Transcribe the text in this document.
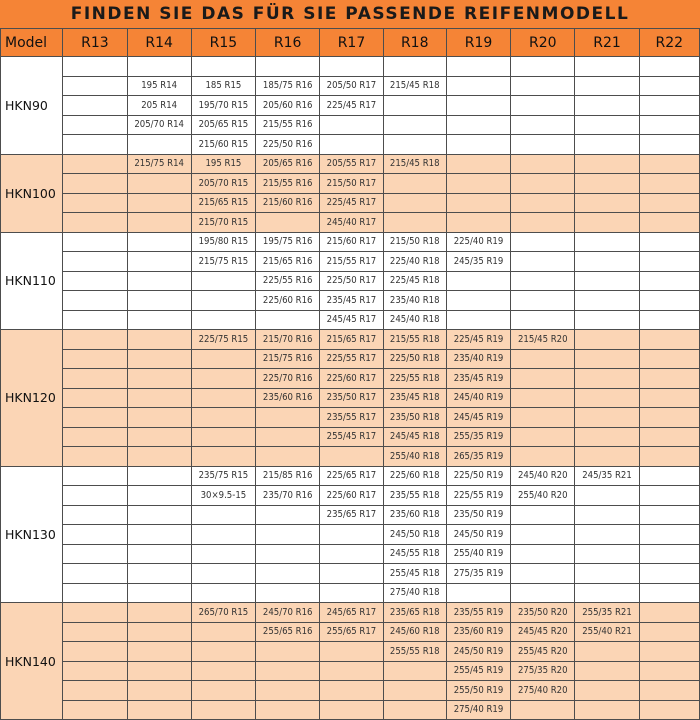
FINDEN SIE DAS FÜR SIE PASSENDE REIFENMODELL
Model	R13	R14	R15	R16	R17	R18	R19	R20	R21	R22
HKN90										
		195 R14	185 R15	185/75 R16	205/50 R17	215/45 R18				
		205 R14	195/70 R15	205/60 R16	225/45 R17					
		205/70 R14	205/65 R15	215/55 R16						
			215/60 R15	225/50 R16						
HKN100		215/75 R14	195 R15	205/65 R16	205/55 R17	215/45 R18				
			205/70 R15	215/55 R16	215/50 R17					
			215/65 R15	215/60 R16	225/45 R17					
			215/70 R15		245/40 R17					
HKN110			195/80 R15	195/75 R16	215/60 R17	215/50 R18	225/40 R19			
			215/75 R15	215/65 R16	215/55 R17	225/40 R18	245/35 R19			
				225/55 R16	225/50 R17	225/45 R18				
				225/60 R16	235/45 R17	235/40 R18				
					245/45 R17	245/40 R18				
HKN120			225/75 R15	215/70 R16	215/65 R17	215/55 R18	225/45 R19	215/45 R20		
				215/75 R16	225/55 R17	225/50 R18	235/40 R19			
				225/70 R16	225/60 R17	225/55 R18	235/45 R19			
				235/60 R16	235/50 R17	235/45 R18	245/40 R19			
					235/55 R17	235/50 R18	245/45 R19			
					255/45 R17	245/45 R18	255/35 R19			
						255/40 R18	265/35 R19			
HKN130			235/75 R15	215/85 R16	225/65 R17	225/60 R18	225/50 R19	245/40 R20	245/35 R21	
			30×9.5-15	235/70 R16	225/60 R17	235/55 R18	225/55 R19	255/40 R20		
					235/65 R17	235/60 R18	235/50 R19			
						245/50 R18	245/50 R19			
						245/55 R18	255/40 R19			
						255/45 R18	275/35 R19			
						275/40 R18				
HKN140			265/70 R15	245/70 R16	245/65 R17	235/65 R18	235/55 R19	235/50 R20	255/35 R21	
				255/65 R16	255/65 R17	245/60 R18	235/60 R19	245/45 R20	255/40 R21	
						255/55 R18	245/50 R19	255/45 R20		
							255/45 R19	275/35 R20		
							255/50 R19	275/40 R20		
							275/40 R19			
